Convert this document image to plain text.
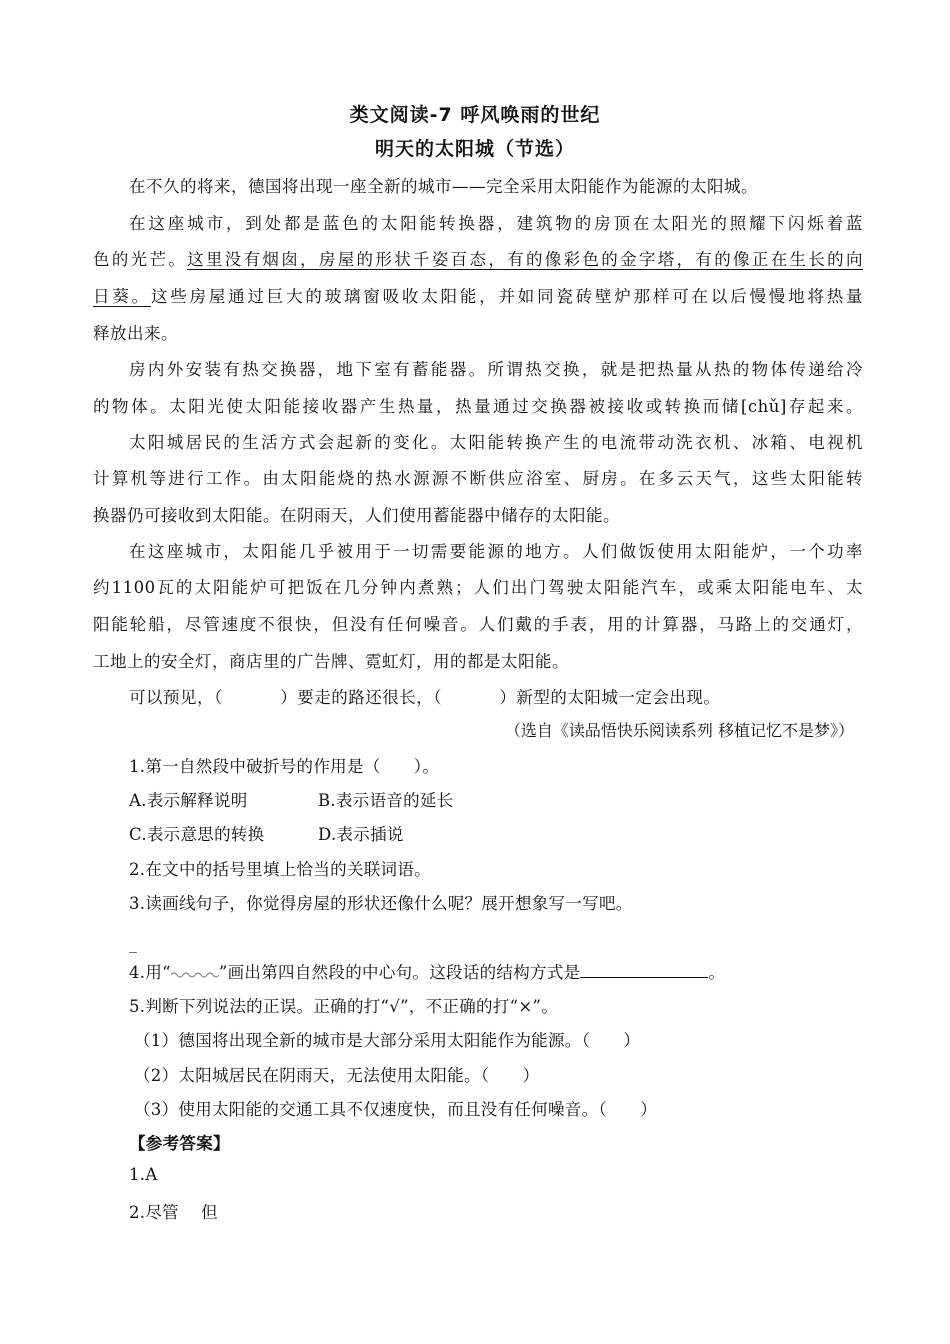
类文阅读-7 呼风唤雨的世纪
明天的太阳城（节选）
在不久的将来，德国将出现一座全新的城市——完全采用太阳能作为能源的太阳城。
在这座城市，到处都是蓝色的太阳能转换器，建筑物的房顶在太阳光的照耀下闪烁着蓝
色的光芒。这里没有烟囱，房屋的形状千姿百态，有的像彩色的金字塔，有的像正在生长的向
日葵。这些房屋通过巨大的玻璃窗吸收太阳能，并如同瓷砖壁炉那样可在以后慢慢地将热量
释放出来。
房内外安装有热交换器，地下室有蓄能器。所谓热交换，就是把热量从热的物体传递给冷
的物体。太阳光使太阳能接收器产生热量，热量通过交换器被接收或转换而储[chǔ]存起来。
太阳城居民的生活方式会起新的变化。太阳能转换产生的电流带动洗衣机、冰箱、电视机
计算机等进行工作。由太阳能烧的热水源源不断供应浴室、厨房。在多云天气，这些太阳能转
换器仍可接收到太阳能。在阴雨天，人们使用蓄能器中储存的太阳能。
在这座城市，太阳能几乎被用于一切需要能源的地方。人们做饭使用太阳能炉，一个功率
约1100瓦的太阳能炉可把饭在几分钟内煮熟；人们出门驾驶太阳能汽车，或乘太阳能电车、太
阳能轮船，尽管速度不很快，但没有任何噪音。人们戴的手表，用的计算器，马路上的交通灯，
工地上的安全灯，商店里的广告牌、霓虹灯，用的都是太阳能。
可以预见，（          ）要走的路还很长，（          ）新型的太阳城一定会出现。
（选自《读品悟快乐阅读系列 移植记忆不是梦》）
1.第一自然段中破折号的作用是（      ）。
A.表示解释说明	B.表示语音的延长
C.表示意思的转换	D.表示插说
2.在文中的括号里填上恰当的关联词语。
3.读画线句子，你觉得房屋的形状还像什么呢？展开想象写一写吧。
_
4.用“	”画出第四自然段的中心句。这段话的结构方式是	。
5.判断下列说法的正误。正确的打“√”，不正确的打“×”。
（1）德国将出现全新的城市是大部分采用太阳能作为能源。（      ）
（2）太阳城居民在阴雨天，无法使用太阳能。（      ）
（3）使用太阳能的交通工具不仅速度快，而且没有任何噪音。（      ）
【参考答案】
1.A
2.尽管    但
